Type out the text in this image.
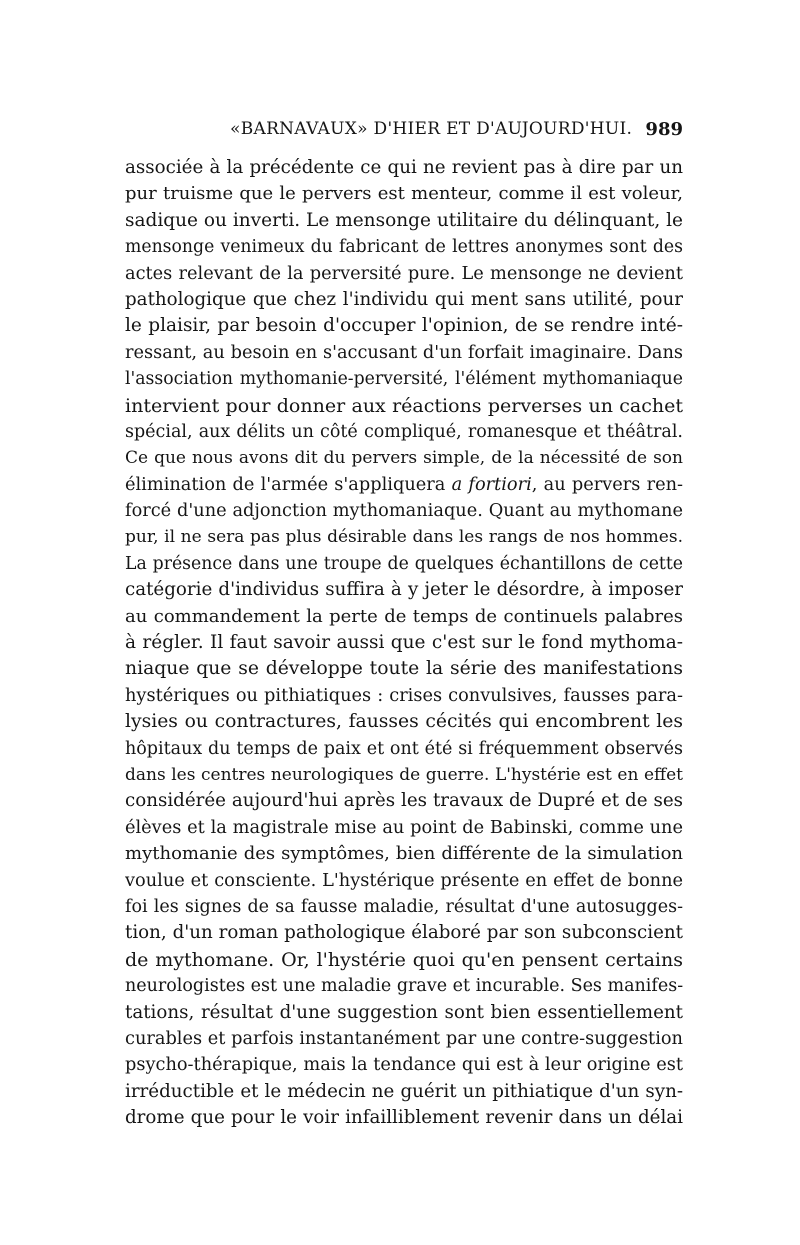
«BARNAVAUX» D'HIER ET D'AUJOURD'HUI. 989
associée à la précédente ce qui ne revient pas à dire par un
pur truisme que le pervers est menteur, comme il est voleur,
sadique ou inverti. Le mensonge utilitaire du délinquant, le
mensonge venimeux du fabricant de lettres anonymes sont des
actes relevant de la perversité pure. Le mensonge ne devient
pathologique que chez l'individu qui ment sans utilité, pour
le plaisir, par besoin d'occuper l'opinion, de se rendre inté-
ressant, au besoin en s'accusant d'un forfait imaginaire. Dans
l'association mythomanie-perversité, l'élément mythomaniaque
intervient pour donner aux réactions perverses un cachet
spécial, aux délits un côté compliqué, romanesque et théâtral.
Ce que nous avons dit du pervers simple, de la nécessité de son
élimination de l'armée s'appliquera a fortiori, au pervers ren-
forcé d'une adjonction mythomaniaque. Quant au mythomane
pur, il ne sera pas plus désirable dans les rangs de nos hommes.
La présence dans une troupe de quelques échantillons de cette
catégorie d'individus suffira à y jeter le désordre, à imposer
au commandement la perte de temps de continuels palabres
à régler. Il faut savoir aussi que c'est sur le fond mythoma-
niaque que se développe toute la série des manifestations
hystériques ou pithiatiques : crises convulsives, fausses para-
lysies ou contractures, fausses cécités qui encombrent les
hôpitaux du temps de paix et ont été si fréquemment observés
dans les centres neurologiques de guerre. L'hystérie est en effet
considérée aujourd'hui après les travaux de Dupré et de ses
élèves et la magistrale mise au point de Babinski, comme une
mythomanie des symptômes, bien différente de la simulation
voulue et consciente. L'hystérique présente en effet de bonne
foi les signes de sa fausse maladie, résultat d'une autosugges-
tion, d'un roman pathologique élaboré par son subconscient
de mythomane. Or, l'hystérie quoi qu'en pensent certains
neurologistes est une maladie grave et incurable. Ses manifes-
tations, résultat d'une suggestion sont bien essentiellement
curables et parfois instantanément par une contre-suggestion
psycho-thérapique, mais la tendance qui est à leur origine est
irréductible et le médecin ne guérit un pithiatique d'un syn-
drome que pour le voir infailliblement revenir dans un délai
